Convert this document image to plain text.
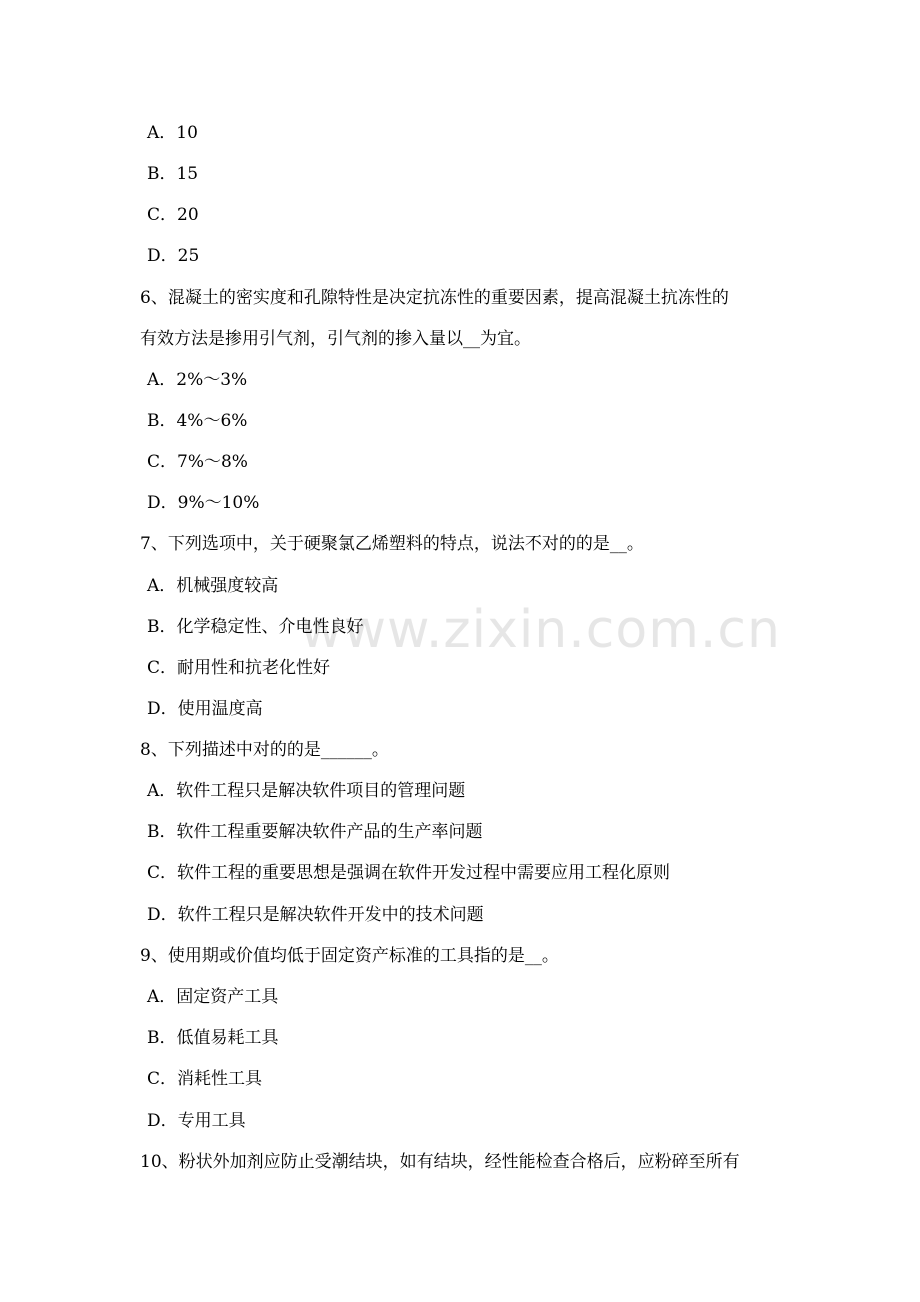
www.zixin.com.cn
A．10
B．15
C．20
D．25
6、混凝土的密实度和孔隙特性是决定抗冻性的重要因素，提高混凝土抗冻性的
有效方法是掺用引气剂，引气剂的掺入量以__为宜。
A．2%～3%
B．4%～6%
C．7%～8%
D．9%～10%
7、下列选项中，关于硬聚氯乙烯塑料的特点，说法不对的的是__。
A．机械强度较高
B．化学稳定性、介电性良好
C．耐用性和抗老化性好
D．使用温度高
8、下列描述中对的的是______。
A．软件工程只是解决软件项目的管理问题
B．软件工程重要解决软件产品的生产率问题
C．软件工程的重要思想是强调在软件开发过程中需要应用工程化原则
D．软件工程只是解决软件开发中的技术问题
9、使用期或价值均低于固定资产标准的工具指的是__。
A．固定资产工具
B．低值易耗工具
C．消耗性工具
D．专用工具
10、粉状外加剂应防止受潮结块，如有结块，经性能检查合格后，应粉碎至所有
